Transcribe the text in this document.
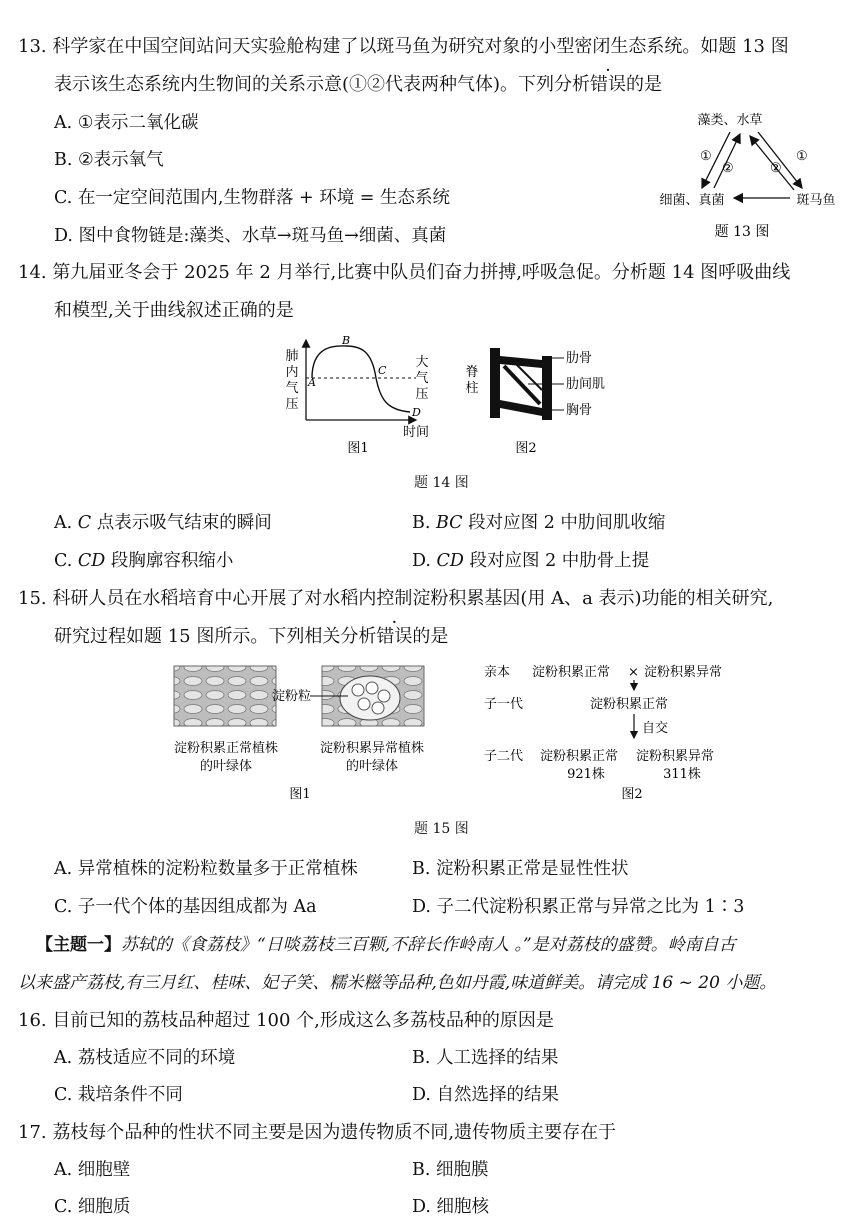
13. 科学家在中国空间站问天实验舱构建了以斑马鱼为研究对象的小型密闭生态系统。如题 13 图
表示该生态系统内生物间的关系示意(①②代表两种气体)。下列分析错误的是
A. ①表示二氧化碳
B. ②表示氧气
C. 在一定空间范围内,生物群落 + 环境 = 生态系统
D. 图中食物链是:藻类、水草→斑马鱼→细菌、真菌
藻类、水草
细菌、真菌	斑马鱼
①
②
①
②
题 13 图
14. 第九届亚冬会于 2025 年 2 月举行,比赛中队员们奋力拼搏,呼吸急促。分析题 14 图呼吸曲线
和模型,关于曲线叙述正确的是
肺
内
气
压
A
B
C
D
大
气
压
时间
图1
脊
柱
肋骨
肋间肌
胸骨
图2
题 14 图
A. C 点表示吸气结束的瞬间	B. BC 段对应图 2 中肋间肌收缩
C. CD 段胸廓容积缩小	D. CD 段对应图 2 中肋骨上提
15. 科研人员在水稻培育中心开展了对水稻内控制淀粉积累基因(用 A、a 表示)功能的相关研究,
研究过程如题 15 图所示。下列相关分析错误的是
淀粉粒
淀粉积累正常植株
的叶绿体
淀粉积累异常植株
的叶绿体
图1
亲本 淀粉积累正常 × 淀粉积累异常
子一代	淀粉积累正常
自交
子二代 淀粉积累正常 淀粉积累异常
921株	311株
图2
题 15 图
A. 异常植株的淀粉粒数量多于正常植株	B. 淀粉积累正常是显性性状
C. 子一代个体的基因组成都为 Aa	D. 子二代淀粉积累正常与异常之比为 1∶3
【主题一】苏轼的《食荔枝》“日啖荔枝三百颗,不辞长作岭南人 。”是对荔枝的盛赞。岭南自古
以来盛产荔枝,有三月红、桂味、妃子笑、糯米糍等品种,色如丹霞,味道鲜美。请完成 16 ~ 20 小题。
16. 目前已知的荔枝品种超过 100 个,形成这么多荔枝品种的原因是
A. 荔枝适应不同的环境	B. 人工选择的结果
C. 栽培条件不同	D. 自然选择的结果
17. 荔枝每个品种的性状不同主要是因为遗传物质不同,遗传物质主要存在于
A. 细胞壁	B. 细胞膜
C. 细胞质	D. 细胞核
